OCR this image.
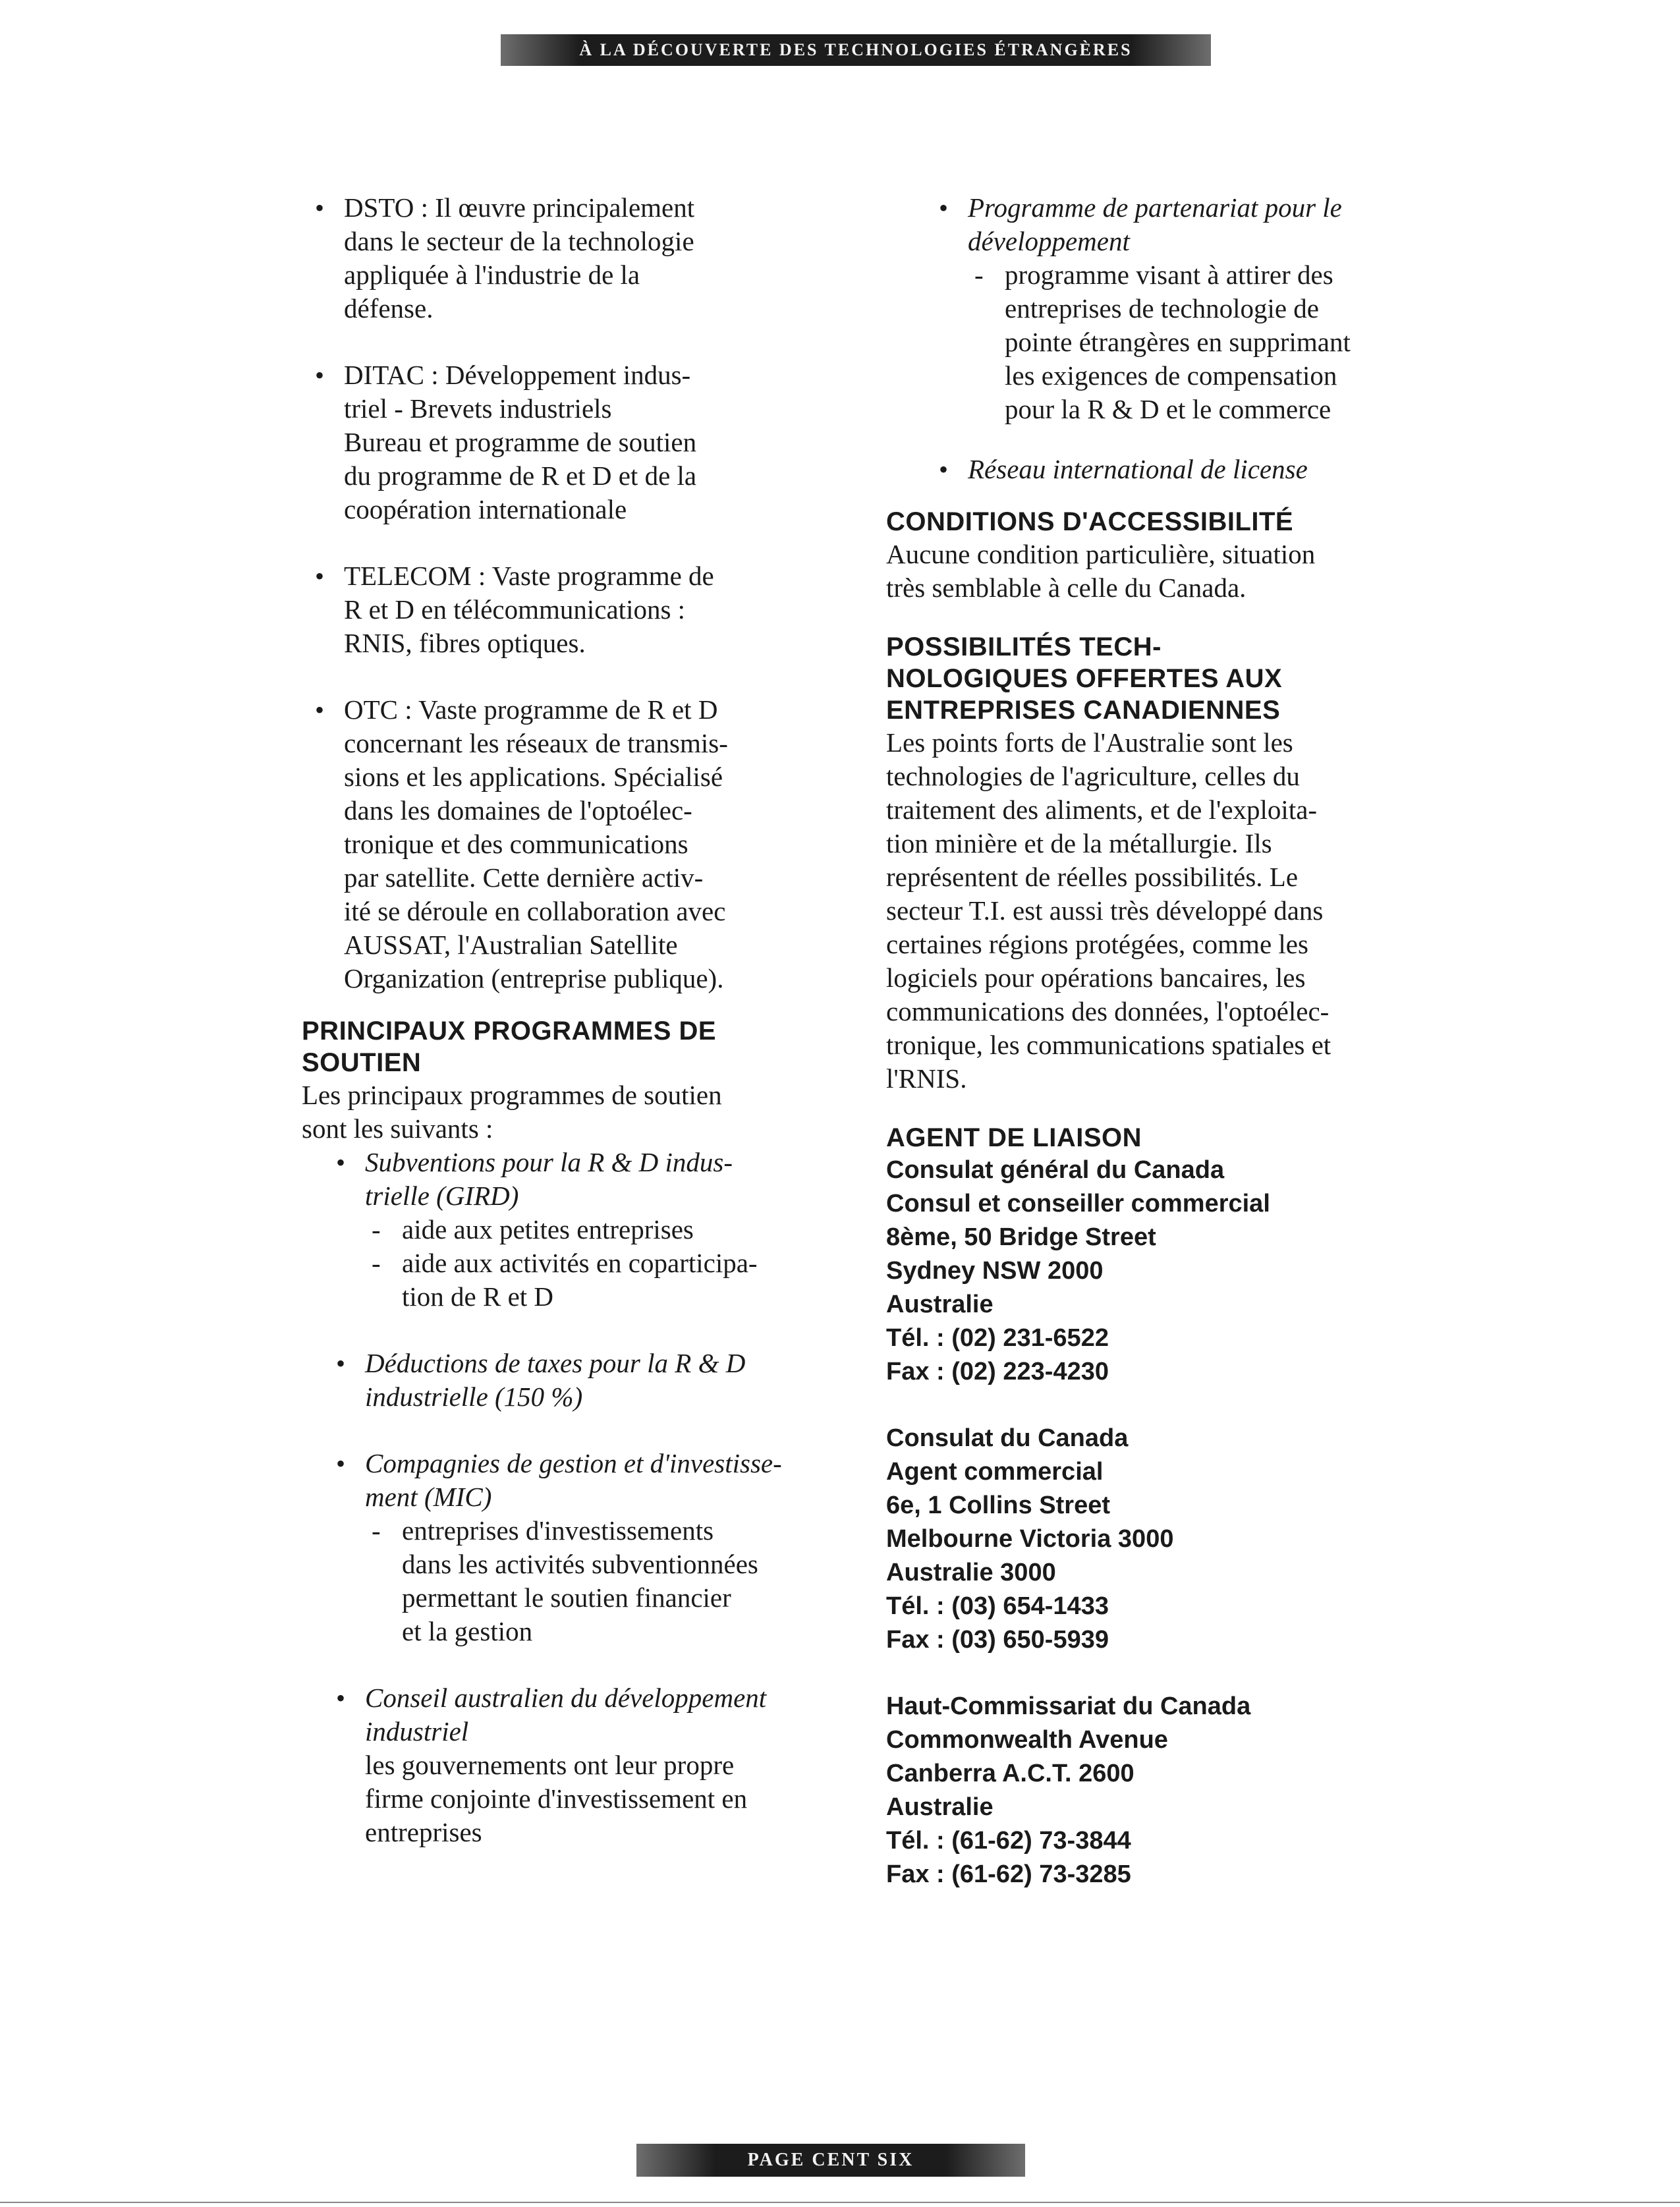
À LA DÉCOUVERTE DES TECHNOLOGIES ÉTRANGÈRES
• DSTO : Il œuvre principalement
dans le secteur de la technologie
appliquée à l'industrie de la
défense.
• DITAC : Développement indus-
triel - Brevets industriels
Bureau et programme de soutien
du programme de R et D et de la
coopération internationale
• TELECOM : Vaste programme de
R et D en télécommunications :
RNIS, fibres optiques.
• OTC : Vaste programme de R et D
concernant les réseaux de transmis-
sions et les applications. Spécialisé
dans les domaines de l'optoélec-
tronique et des communications
par satellite. Cette dernière activ-
ité se déroule en collaboration avec
AUSSAT, l'Australian Satellite
Organization (entreprise publique).
PRINCIPAUX PROGRAMMES DE
SOUTIEN
Les principaux programmes de soutien
sont les suivants :
• Subventions pour la R & D indus-
trielle (GIRD)
- aide aux petites entreprises
- aide aux activités en coparticipa-
tion de R et D
• Déductions de taxes pour la R & D
industrielle (150 %)
• Compagnies de gestion et d'investisse-
ment (MIC)
- entreprises d'investissements
dans les activités subventionnées
permettant le soutien financier
et la gestion
• Conseil australien du développement
industriel
les gouvernements ont leur propre
firme conjointe d'investissement en
entreprises
• Programme de partenariat pour le
développement
- programme visant à attirer des
entreprises de technologie de
pointe étrangères en supprimant
les exigences de compensation
pour la R & D et le commerce
• Réseau international de license
CONDITIONS D'ACCESSIBILITÉ
Aucune condition particulière, situation
très semblable à celle du Canada.
POSSIBILITÉS TECH-
NOLOGIQUES OFFERTES AUX
ENTREPRISES CANADIENNES
Les points forts de l'Australie sont les
technologies de l'agriculture, celles du
traitement des aliments, et de l'exploita-
tion minière et de la métallurgie. Ils
représentent de réelles possibilités. Le
secteur T.I. est aussi très développé dans
certaines régions protégées, comme les
logiciels pour opérations bancaires, les
communications des données, l'optoélec-
tronique, les communications spatiales et
l'RNIS.
AGENT DE LIAISON
Consulat général du Canada
Consul et conseiller commercial
8ème, 50 Bridge Street
Sydney NSW 2000
Australie
Tél. : (02) 231-6522
Fax : (02) 223-4230
Consulat du Canada
Agent commercial
6e, 1 Collins Street
Melbourne Victoria 3000
Australie 3000
Tél. : (03) 654-1433
Fax : (03) 650-5939
Haut-Commissariat du Canada
Commonwealth Avenue
Canberra A.C.T. 2600
Australie
Tél. : (61-62) 73-3844
Fax : (61-62) 73-3285
PAGE CENT SIX
